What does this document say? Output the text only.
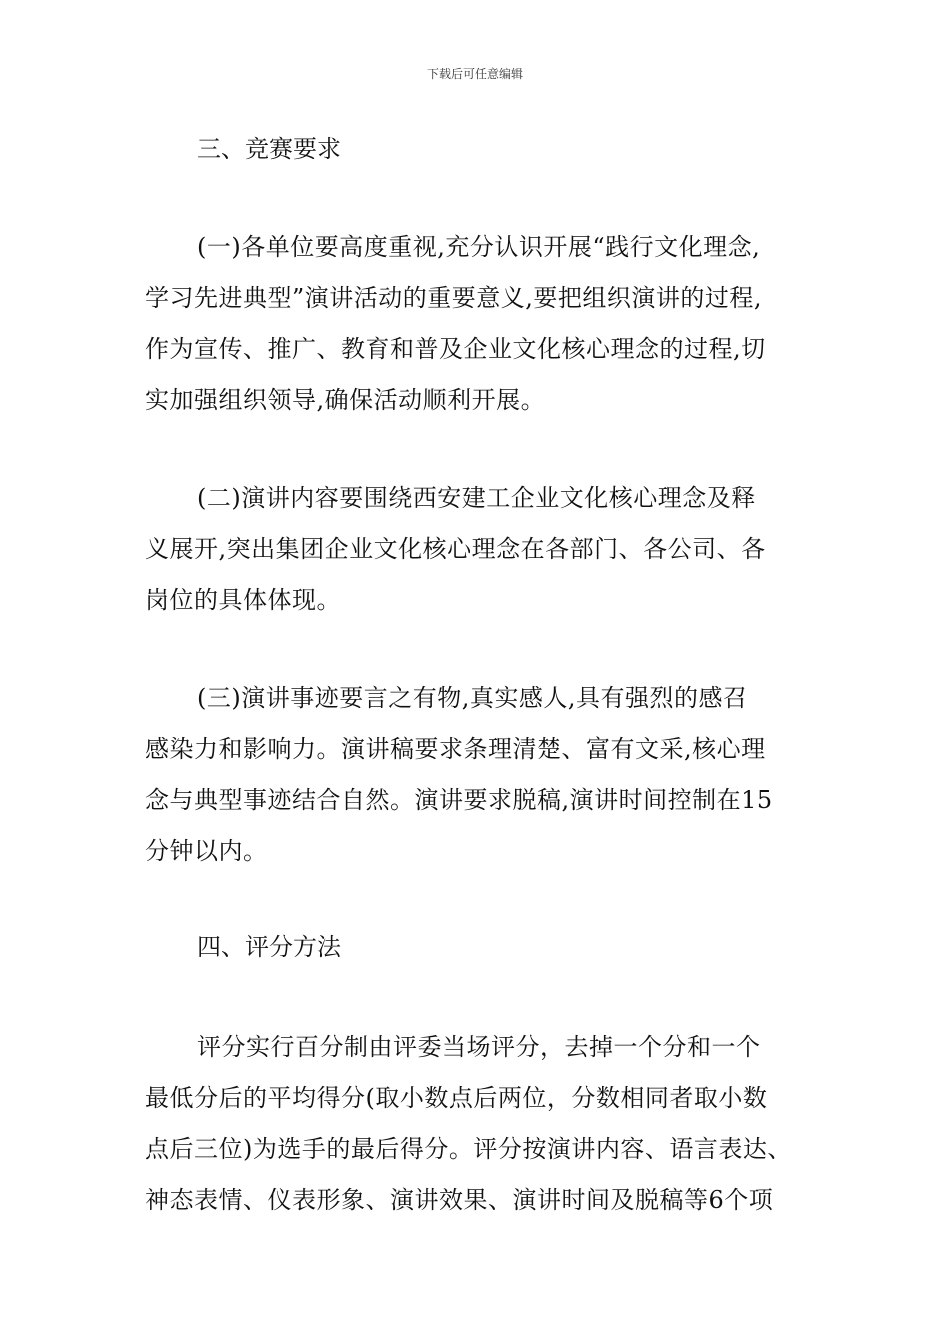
下载后可任意编辑
三、竞赛要求
(一)各单位要高度重视,充分认识开展“践行文化理念,
学习先进典型”演讲活动的重要意义,要把组织演讲的过程,
作为宣传、推广、教育和普及企业文化核心理念的过程,切
实加强组织领导,确保活动顺利开展。
(二)演讲内容要围绕西安建工企业文化核心理念及释
义展开,突出集团企业文化核心理念在各部门、各公司、各
岗位的具体体现。
(三)演讲事迹要言之有物,真实感人,具有强烈的感召
感染力和影响力。演讲稿要求条理清楚、富有文采,核心理
念与典型事迹结合自然。演讲要求脱稿,演讲时间控制在15
分钟以内。
四、评分方法
评分实行百分制由评委当场评分，去掉一个分和一个
最低分后的平均得分(取小数点后两位，分数相同者取小数
点后三位)为选手的最后得分。评分按演讲内容、语言表达、
神态表情、仪表形象、演讲效果、演讲时间及脱稿等6个项
